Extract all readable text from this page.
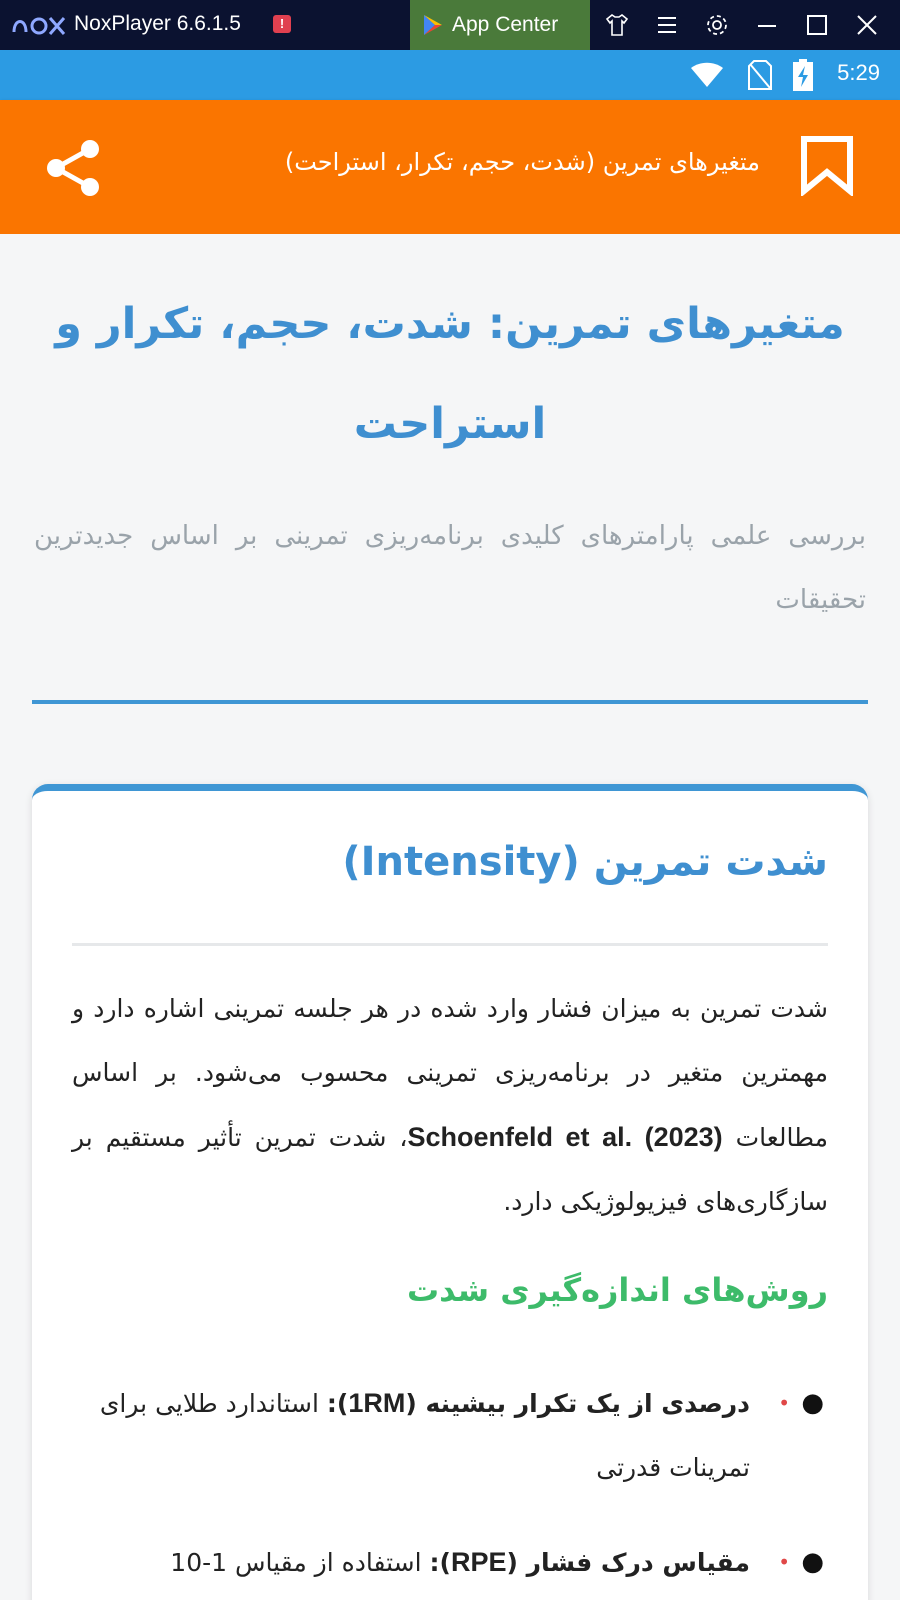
NoxPlayer 6.6.1.5	!	App Center
5:29
متغیرهای تمرین (شدت، حجم، تکرار، استراحت)
متغیرهای تمرین: شدت، حجم، تکرار و استراحت

بررسی علمی پارامترهای کلیدی برنامه‌ریزی تمرینی بر اساس جدیدترین تحقیقات

شدت تمرین (Intensity)

شدت تمرین به میزان فشار وارد شده در هر جلسه تمرینی اشاره دارد و مهمترین متغیر در برنامه‌ریزی تمرینی محسوب می‌شود. بر اساس مطالعات Schoenfeld et al. (2023)، شدت تمرین تأثیر مستقیم بر سازگاری‌های فیزیولوژیکی دارد.

روش‌های اندازه‌گیری شدت
●
•
درصدی از یک تکرار بیشینه (1RM): استاندارد طلایی برای تمرینات قدرتی
●
•
مقیاس درک فشار (RPE): استفاده از مقیاس 1-10
